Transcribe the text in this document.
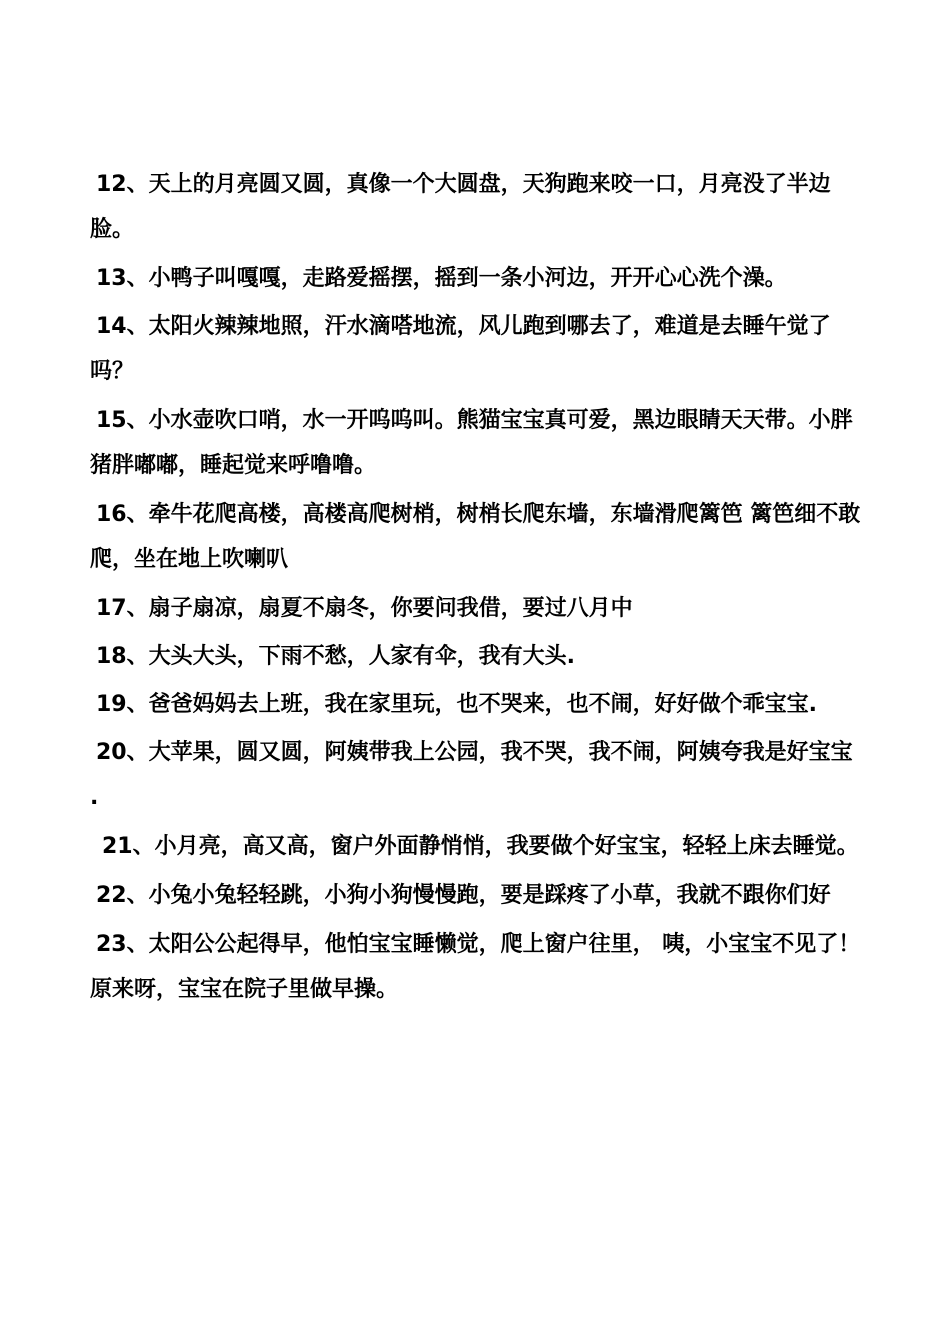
12、天上的月亮圆又圆，真像一个大圆盘，天狗跑来咬一口，月亮没了半边脸。

13、小鸭子叫嘎嘎，走路爱摇摆，摇到一条小河边，开开心心洗个澡。

14、太阳火辣辣地照，汗水滴嗒地流，风儿跑到哪去了，难道是去睡午觉了吗？

15、小水壶吹口哨，水一开呜呜叫。熊猫宝宝真可爱，黑边眼睛天天带。小胖猪胖嘟嘟，睡起觉来呼噜噜。

16、牵牛花爬高楼，高楼高爬树梢，树梢长爬东墙，东墙滑爬篱笆 篱笆细不敢爬，坐在地上吹喇叭

17、扇子扇凉，扇夏不扇冬，你要问我借，要过八月中

18、大头大头，下雨不愁，人家有伞，我有大头.

19、爸爸妈妈去上班，我在家里玩，也不哭来，也不闹，好好做个乖宝宝.

20、大苹果，圆又圆，阿姨带我上公园，我不哭，我不闹，阿姨夸我是好宝宝 .

21、小月亮，高又高，窗户外面静悄悄，我要做个好宝宝，轻轻上床去睡觉。

22、小兔小兔轻轻跳，小狗小狗慢慢跑，要是踩疼了小草，我就不跟你们好

23、太阳公公起得早，他怕宝宝睡懒觉，爬上窗户往里， 咦，小宝宝不见了！原来呀，宝宝在院子里做早操。
